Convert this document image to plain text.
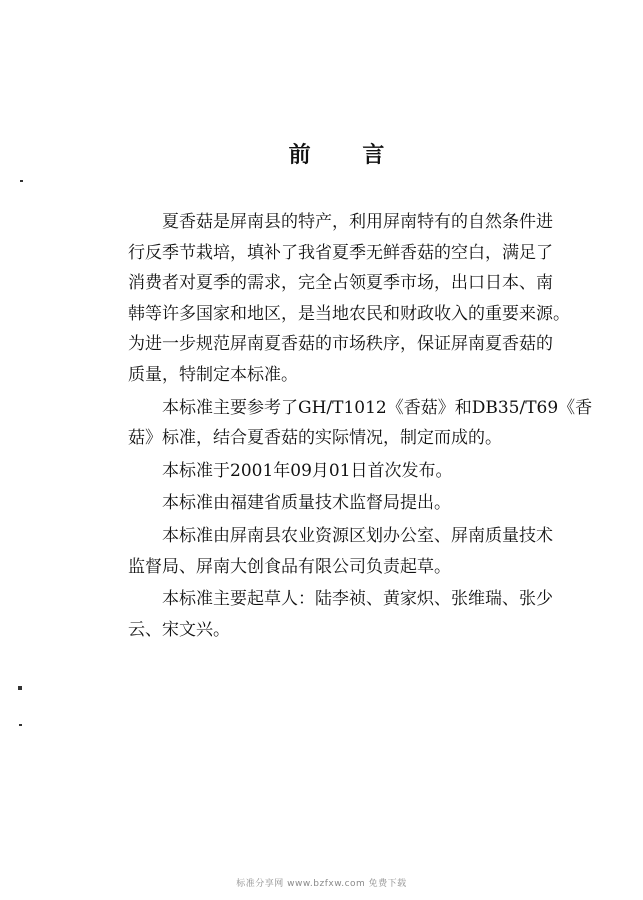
前 言

夏香菇是屏南县的特产，利用屏南特有的自然条件进
行反季节栽培，填补了我省夏季无鲜香菇的空白，满足了
消费者对夏季的需求，完全占领夏季市场，出口日本、南
韩等许多国家和地区，是当地农民和财政收入的重要来源。
为进一步规范屏南夏香菇的市场秩序，保证屏南夏香菇的
质量，特制定本标准。

本标准主要参考了GH/T1012《香菇》和DB35/T69《香
菇》标准，结合夏香菇的实际情况，制定而成的。

本标准于2001年09月01日首次发布。

本标准由福建省质量技术监督局提出。

本标准由屏南县农业资源区划办公室、屏南质量技术
监督局、屏南大创食品有限公司负责起草。

本标准主要起草人：陆李祯、黄家炽、张维瑞、张少
云、宋文兴。

标准分享网 www.bzfxw.com 免费下载
